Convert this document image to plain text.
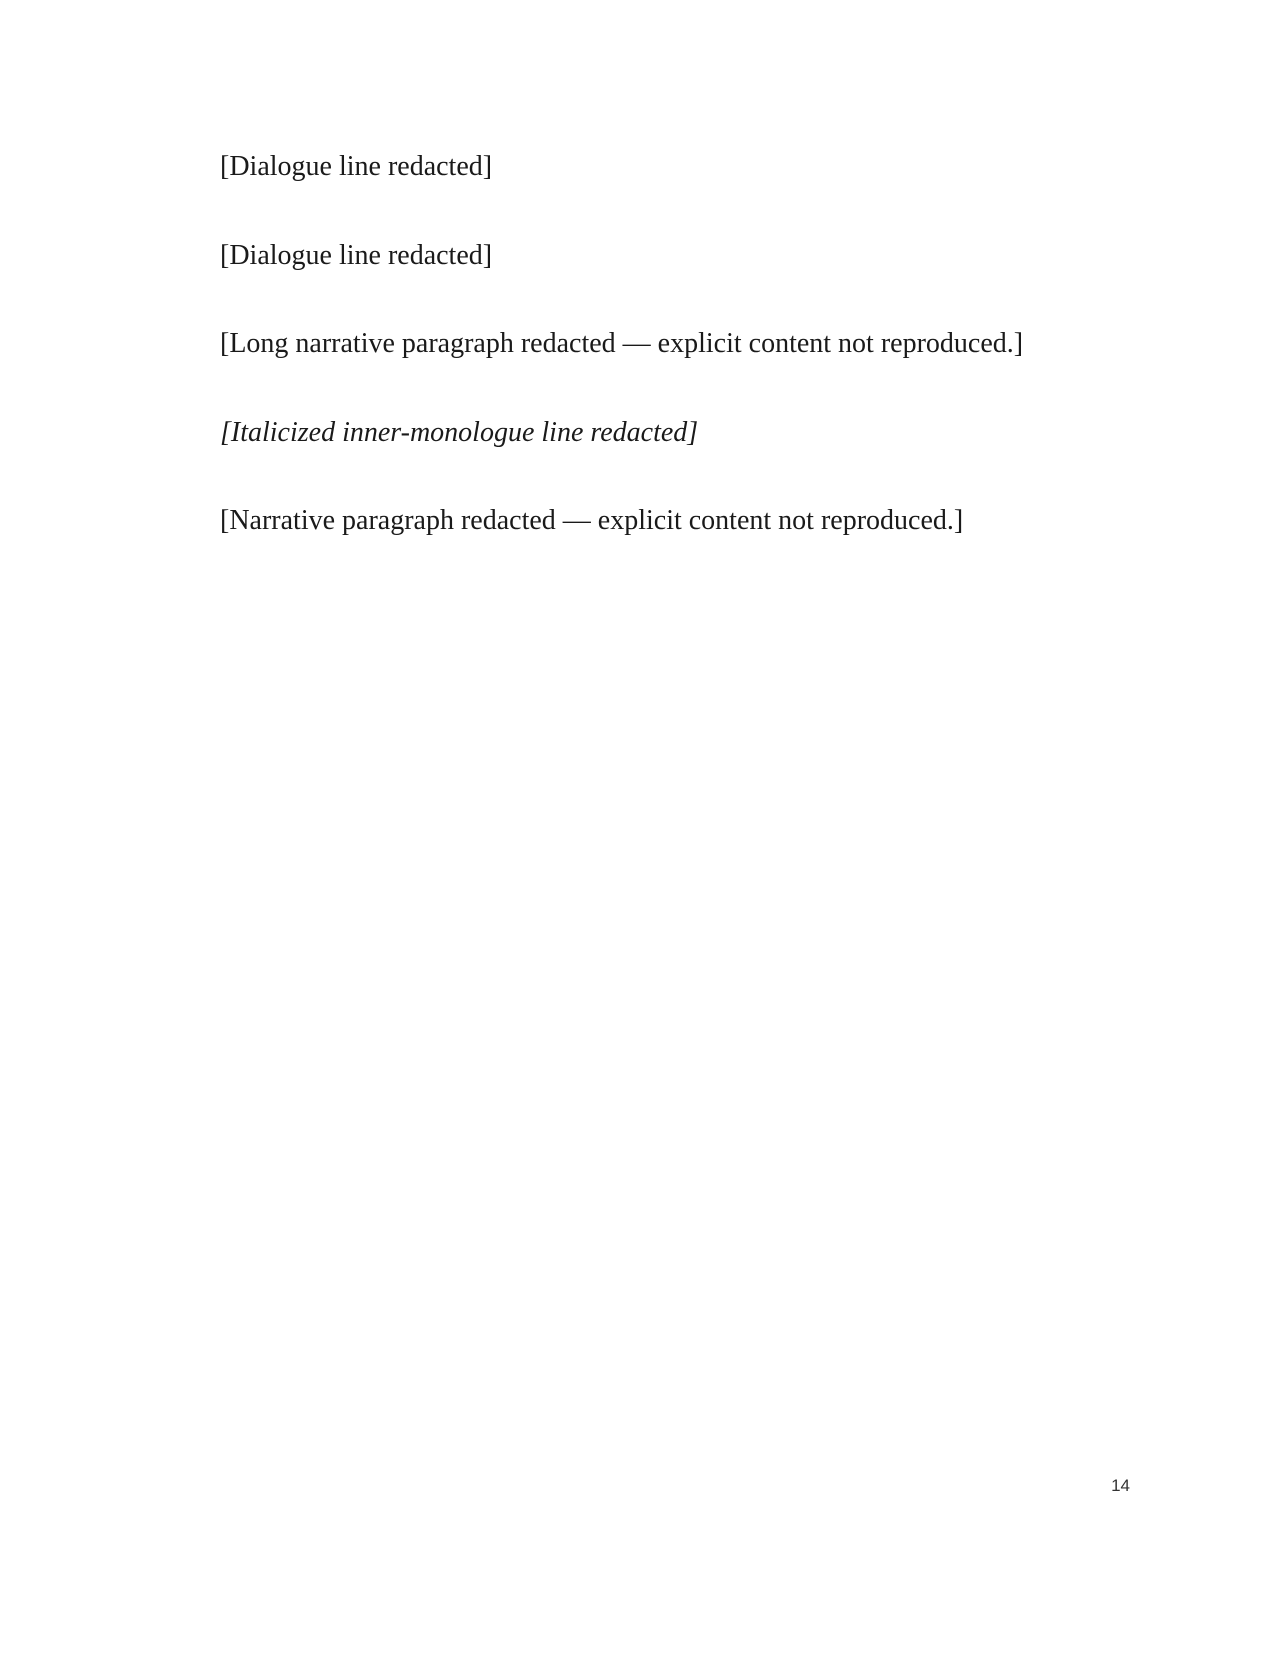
[Dialogue line redacted]

[Dialogue line redacted]

[Long narrative paragraph redacted — explicit content not reproduced.]

[Italicized inner-monologue line redacted]

[Narrative paragraph redacted — explicit content not reproduced.]

14
